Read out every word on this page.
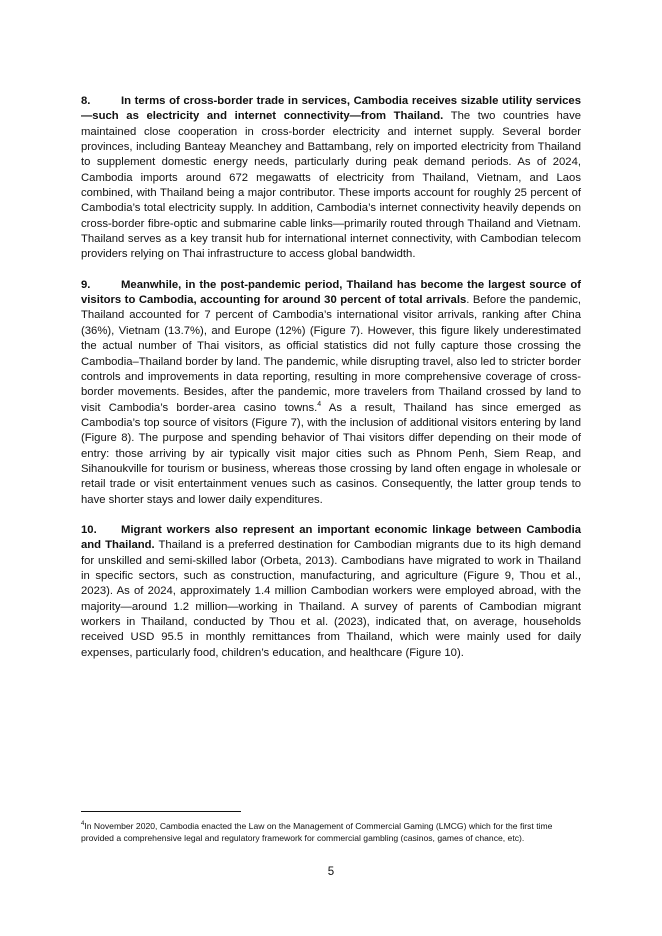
8.	In terms of cross-border trade in services, Cambodia receives sizable utility services—such as electricity and internet connectivity—from Thailand. The two countries have maintained close cooperation in cross-border electricity and internet supply. Several border provinces, including Banteay Meanchey and Battambang, rely on imported electricity from Thailand to supplement domestic energy needs, particularly during peak demand periods. As of 2024, Cambodia imports around 672 megawatts of electricity from Thailand, Vietnam, and Laos combined, with Thailand being a major contributor. These imports account for roughly 25 percent of Cambodia’s total electricity supply. In addition, Cambodia’s internet connectivity heavily depends on cross-border fibre-optic and submarine cable links—primarily routed through Thailand and Vietnam. Thailand serves as a key transit hub for international internet connectivity, with Cambodian telecom providers relying on Thai infrastructure to access global bandwidth.

9.	Meanwhile, in the post-pandemic period, Thailand has become the largest source of visitors to Cambodia, accounting for around 30 percent of total arrivals. Before the pandemic, Thailand accounted for 7 percent of Cambodia’s international visitor arrivals, ranking after China (36%), Vietnam (13.7%), and Europe (12%) (Figure 7). However, this figure likely underestimated the actual number of Thai visitors, as official statistics did not fully capture those crossing the Cambodia–Thailand border by land. The pandemic, while disrupting travel, also led to stricter border controls and improvements in data reporting, resulting in more comprehensive coverage of cross-border movements. Besides, after the pandemic, more travelers from Thailand crossed by land to visit Cambodia’s border-area casino towns.$^4$ As a result, Thailand has since emerged as Cambodia’s top source of visitors (Figure 7), with the inclusion of additional visitors entering by land (Figure 8). The purpose and spending behavior of Thai visitors differ depending on their mode of entry: those arriving by air typically visit major cities such as Phnom Penh, Siem Reap, and Sihanoukville for tourism or business, whereas those crossing by land often engage in wholesale or retail trade or visit entertainment venues such as casinos. Consequently, the latter group tends to have shorter stays and lower daily expenditures.

10. Migrant workers also represent an important economic linkage between Cambodia and Thailand. Thailand is a preferred destination for Cambodian migrants due to its high demand for unskilled and semi-skilled labor (Orbeta, 2013). Cambodians have migrated to work in Thailand in specific sectors, such as construction, manufacturing, and agriculture (Figure 9, Thou et al., 2023). As of 2024, approximately 1.4 million Cambodian workers were employed abroad, with the majority—around 1.2 million—working in Thailand. A survey of parents of Cambodian migrant workers in Thailand, conducted by Thou et al. (2023), indicated that, on average, households received USD 95.5 in monthly remittances from Thailand, which were mainly used for daily expenses, particularly food, children’s education, and healthcare (Figure 10).

$^4$In November 2020, Cambodia enacted the Law on the Management of Commercial Gaming (LMCG) which for the first time provided a comprehensive legal and regulatory framework for commercial gambling (casinos, games of chance, etc).
5
